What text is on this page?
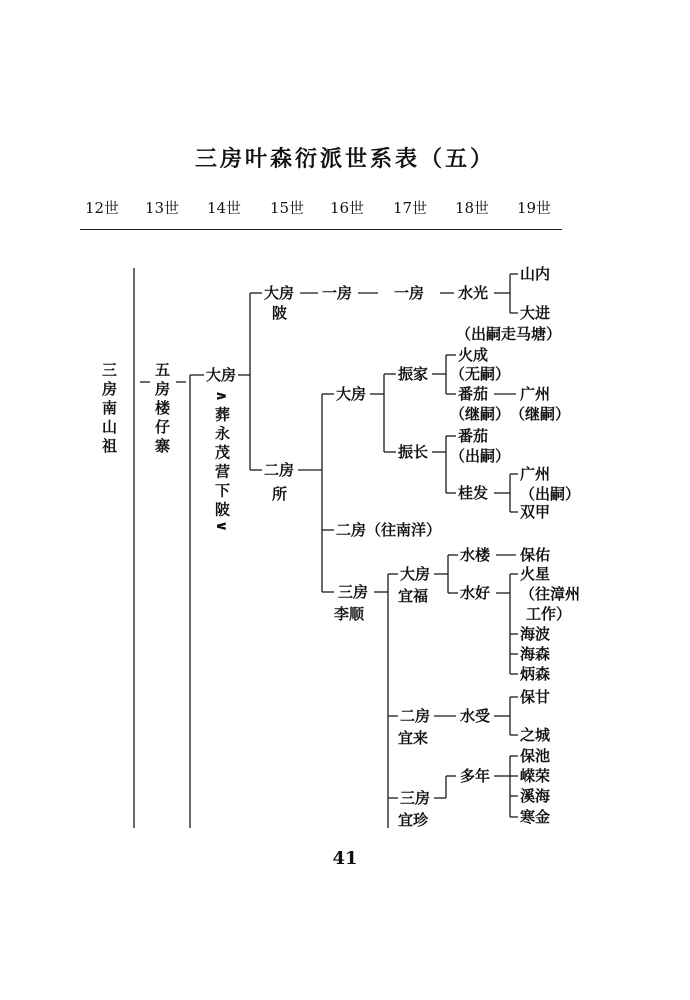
三房叶森衍派世系表（五）
12世 13世 14世 15世 16世 17世 18世 19世
三房南山祖 五房楼仔寨 大房
∧葬永茂营下陂∨
大房
陂
二房
所
一房
大房
二房（往南洋）
三房
李顺
一房
振家
振长
大房
宜福
二房
宜来
三房
宜珍
水光
火成
（无嗣）
番茄
（继嗣）
番茄
（出嗣）
桂发
水楼
水好
水受
多年
山内
大进
（出嗣走马塘）
广州
（继嗣）
广州
（出嗣）
双甲
保佑
火星
（往漳州
工作）
海波
海森
炳森
保甘
之城
保池
嵘荣
溪海
寒金
41
